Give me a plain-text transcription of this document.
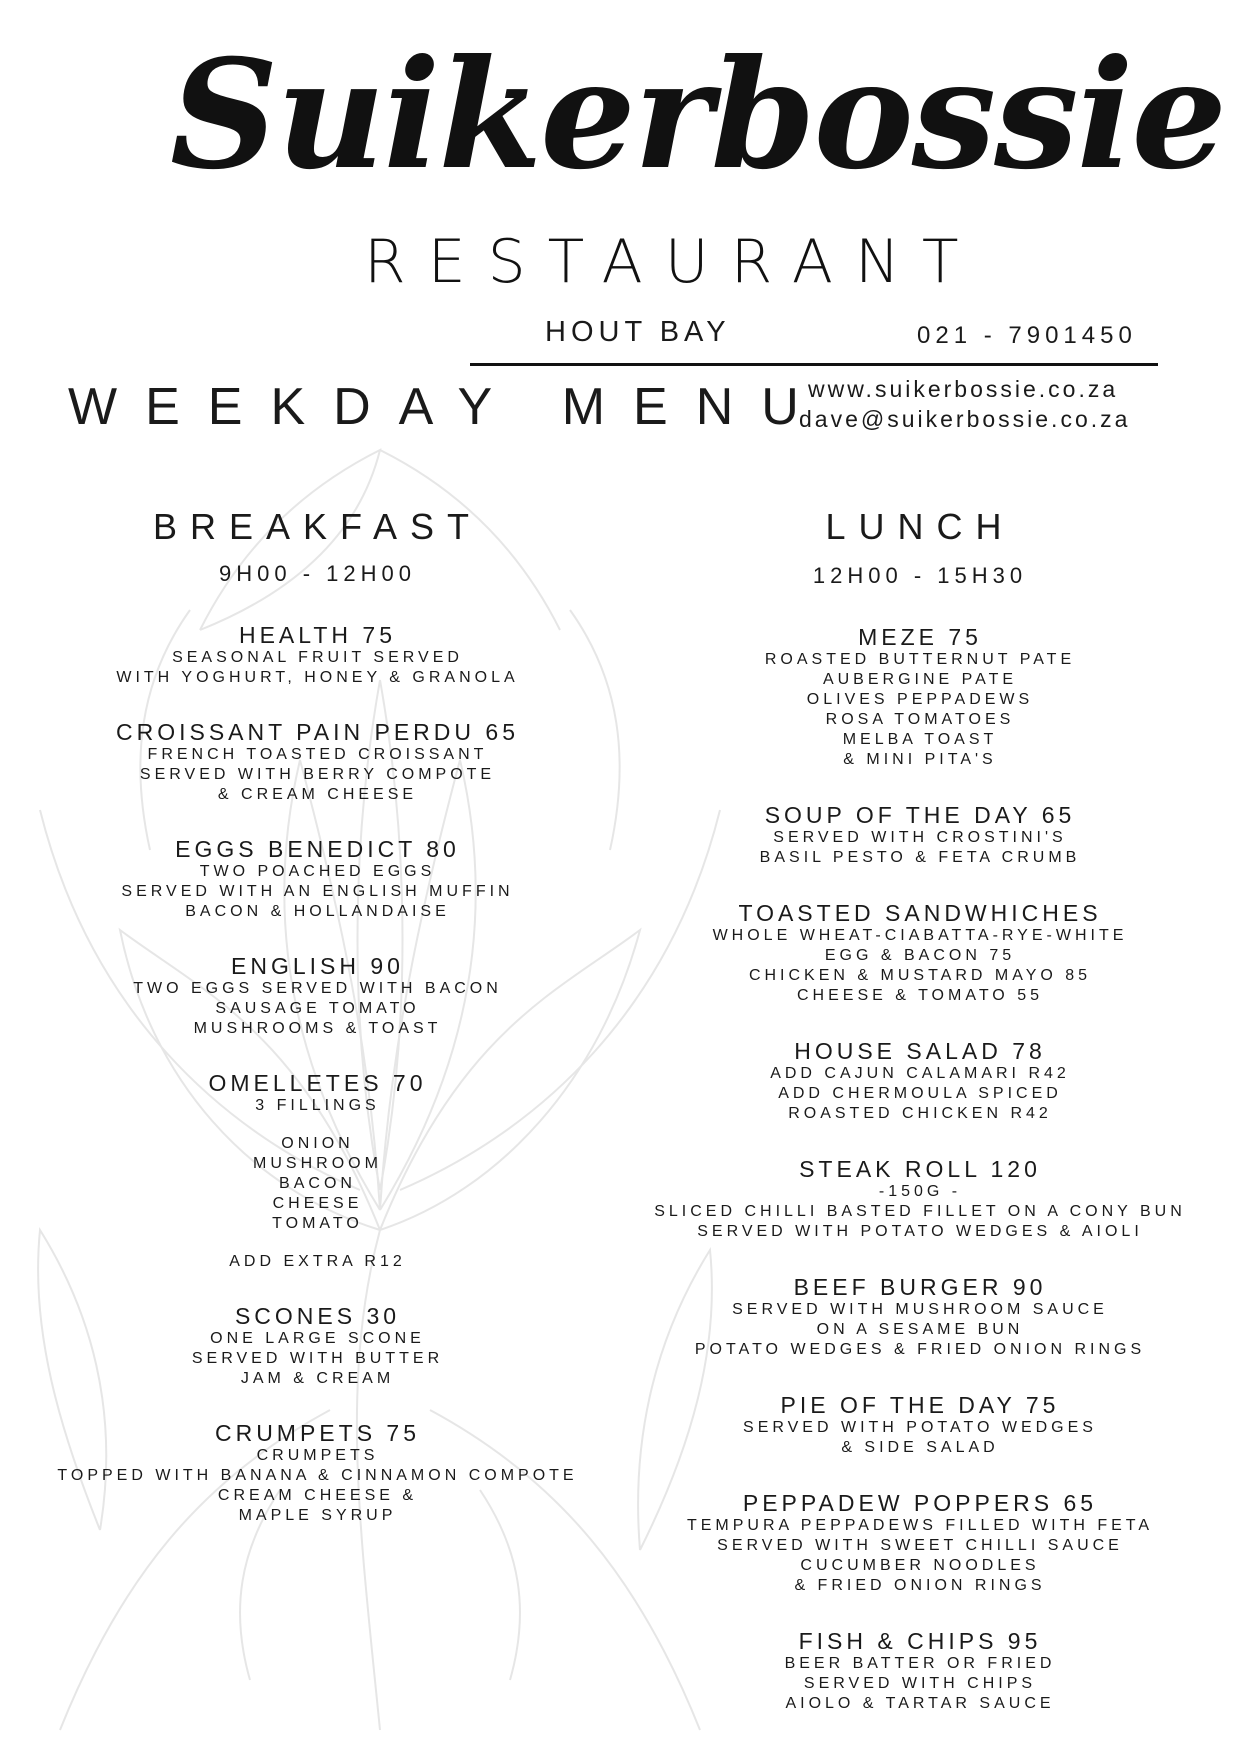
Suikerbossie
RESTAURANT
HOUT BAY	021 - 7901450
WEEKDAY MENU
www.suikerbossie.co.za
dave@suikerbossie.co.za
BREAKFAST
9H00 - 12H00
HEALTH 75
SEASONAL FRUIT SERVED
WITH YOGHURT, HONEY & GRANOLA
CROISSANT PAIN PERDU 65
FRENCH TOASTED CROISSANT
SERVED WITH BERRY COMPOTE
& CREAM CHEESE
EGGS BENEDICT 80
TWO POACHED EGGS
SERVED WITH AN ENGLISH MUFFIN
BACON & HOLLANDAISE
ENGLISH 90
TWO EGGS SERVED WITH BACON
SAUSAGE TOMATO
MUSHROOMS & TOAST
OMELLETES 70
3 FILLINGS
ONION
MUSHROOM
BACON
CHEESE
TOMATO
ADD EXTRA R12
SCONES 30
ONE LARGE SCONE
SERVED WITH BUTTER
JAM & CREAM
CRUMPETS 75
CRUMPETS
TOPPED WITH BANANA & CINNAMON COMPOTE
CREAM CHEESE &
MAPLE SYRUP
LUNCH
12H00 - 15H30
MEZE 75
ROASTED BUTTERNUT PATE
AUBERGINE PATE
OLIVES PEPPADEWS
ROSA TOMATOES
MELBA TOAST
& MINI PITA'S
SOUP OF THE DAY 65
SERVED WITH CROSTINI'S
BASIL PESTO & FETA CRUMB
TOASTED SANDWHICHES
WHOLE WHEAT-CIABATTA-RYE-WHITE
EGG & BACON 75
CHICKEN & MUSTARD MAYO 85
CHEESE & TOMATO 55
HOUSE SALAD 78
ADD CAJUN CALAMARI R42
ADD CHERMOULA SPICED
ROASTED CHICKEN R42
STEAK ROLL 120
-150G -
SLICED CHILLI BASTED FILLET ON A CONY BUN
SERVED WITH POTATO WEDGES & AIOLI
BEEF BURGER 90
SERVED WITH MUSHROOM SAUCE
ON A SESAME BUN
POTATO WEDGES & FRIED ONION RINGS
PIE OF THE DAY 75
SERVED WITH POTATO WEDGES
& SIDE SALAD
PEPPADEW POPPERS 65
TEMPURA PEPPADEWS FILLED WITH FETA
SERVED WITH SWEET CHILLI SAUCE
CUCUMBER NOODLES
& FRIED ONION RINGS
FISH & CHIPS 95
BEER BATTER OR FRIED
SERVED WITH CHIPS
AIOLO & TARTAR SAUCE
